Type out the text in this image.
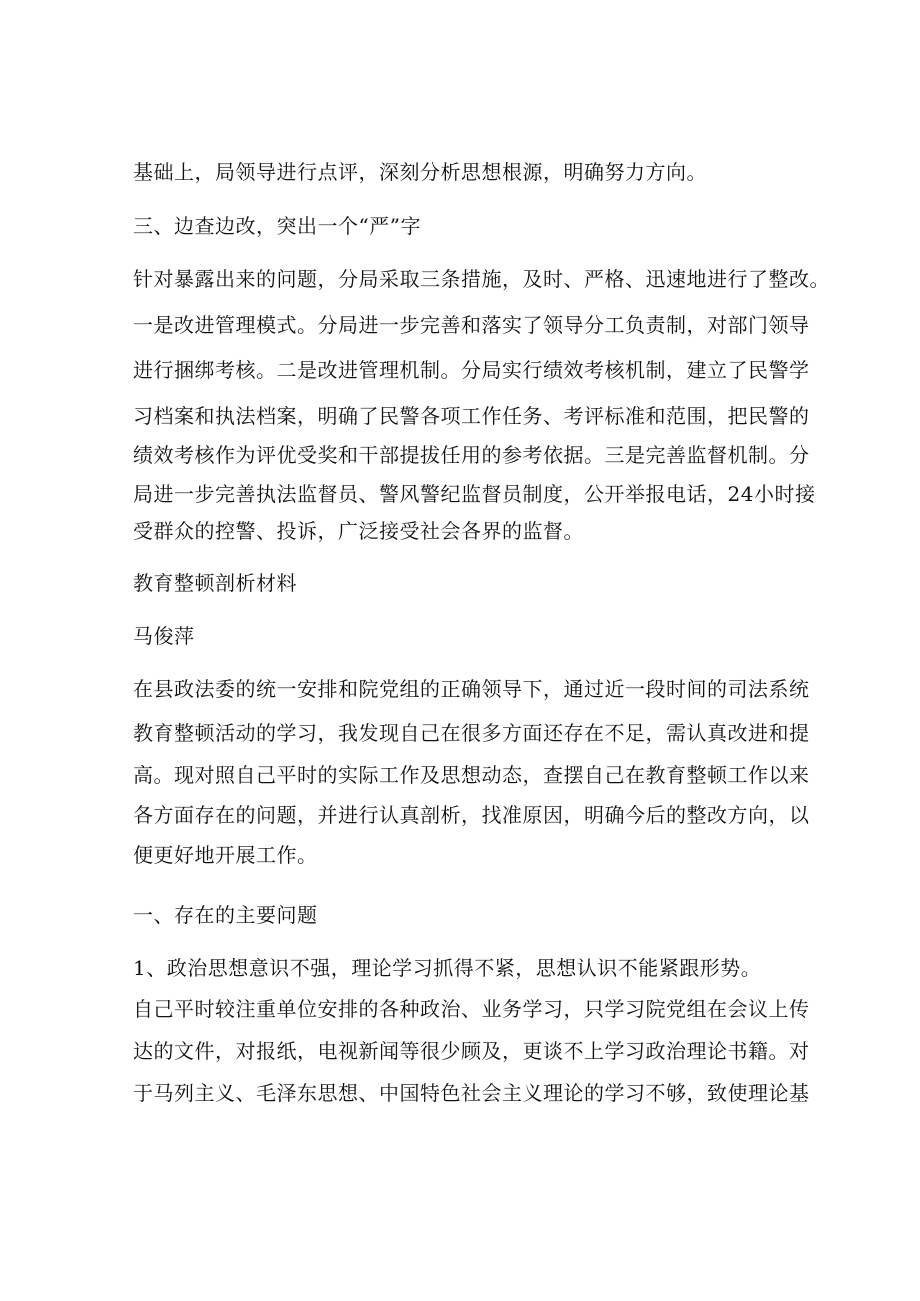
基础上，局领导进行点评，深刻分析思想根源，明确努力方向。

三、边查边改，突出一个“严”字

针对暴露出来的问题，分局采取三条措施，及时、严格、迅速地进行了整改。

一是改进管理模式。分局进一步完善和落实了领导分工负责制，对部门领导

进行捆绑考核。二是改进管理机制。分局实行绩效考核机制，建立了民警学

习档案和执法档案，明确了民警各项工作任务、考评标准和范围，把民警的

绩效考核作为评优受奖和干部提拔任用的参考依据。三是完善监督机制。分

局进一步完善执法监督员、警风警纪监督员制度，公开举报电话，24小时接

受群众的控警、投诉，广泛接受社会各界的监督。

教育整顿剖析材料

马俊萍

在县政法委的统一安排和院党组的正确领导下，通过近一段时间的司法系统

教育整顿活动的学习，我发现自己在很多方面还存在不足，需认真改进和提

高。现对照自己平时的实际工作及思想动态，查摆自己在教育整顿工作以来

各方面存在的问题，并进行认真剖析，找准原因，明确今后的整改方向，以

便更好地开展工作。

一、存在的主要问题

1、政治思想意识不强，理论学习抓得不紧，思想认识不能紧跟形势。

自己平时较注重单位安排的各种政治、业务学习，只学习院党组在会议上传

达的文件，对报纸，电视新闻等很少顾及，更谈不上学习政治理论书籍。对

于马列主义、毛泽东思想、中国特色社会主义理论的学习不够，致使理论基
